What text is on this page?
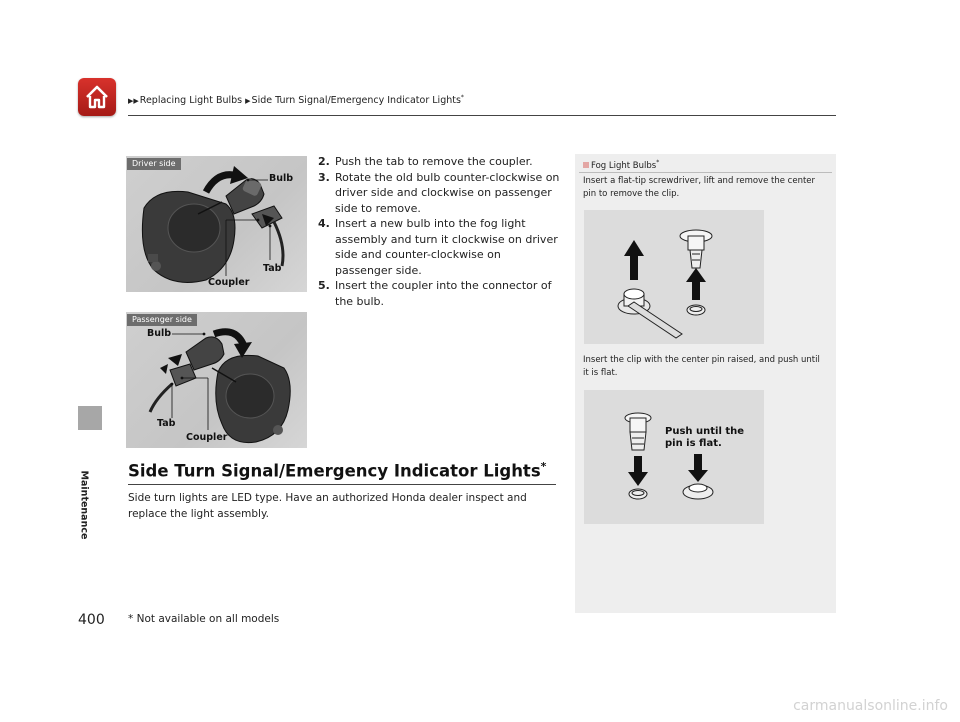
▶▶Replacing Light Bulbs ▶Side Turn Signal/Emergency Indicator Lights*
Maintenance
400
Driver side
Bulb
Tab
Coupler
Passenger side
Bulb
Tab
Coupler
2. Push the tab to remove the coupler.
3. Rotate the old bulb counter-clockwise on driver side and clockwise on passenger side to remove.
4. Insert a new bulb into the fog light assembly and turn it clockwise on driver side and counter-clockwise on passenger side.
5. Insert the coupler into the connector of the bulb.
Side Turn Signal/Emergency Indicator Lights*
Side turn lights are LED type. Have an authorized Honda dealer inspect and replace the light assembly.
* Not available on all models
Fog Light Bulbs*
Insert a flat-tip screwdriver, lift and remove the center pin to remove the clip.
Insert the clip with the center pin raised, and push until it is flat.
Push until the pin is flat.
carmanualsonline.info
